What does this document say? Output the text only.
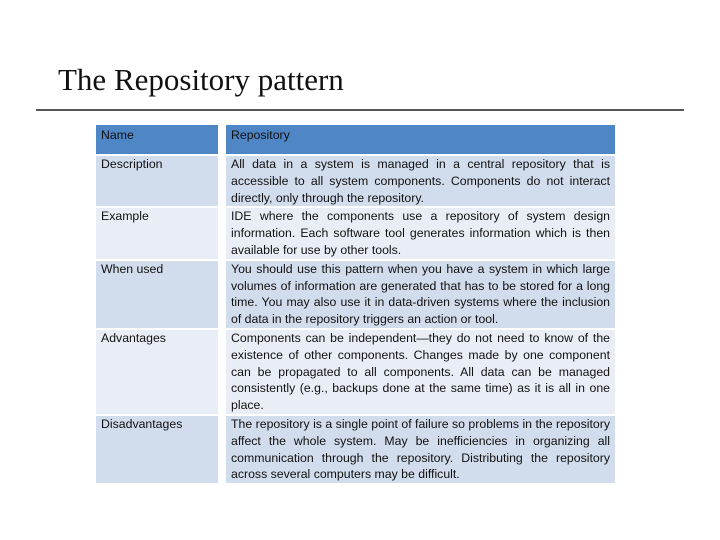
The Repository pattern
Name	Repository
Description	All data in a system is managed in a central repository that is accessible to all system components. Components do not interact directly, only through the repository.
Example	IDE where the components use a repository of system design information. Each software tool generates information which is then available for use by other tools.
When used	You should use this pattern when you have a system in which large volumes of information are generated that has to be stored for a long time. You may also use it in data-driven systems where the inclusion of data in the repository triggers an action or tool.
Advantages	Components can be independent—they do not need to know of the existence of other components. Changes made by one component can be propagated to all components. All data can be managed consistently (e.g., backups done at the same time) as it is all in one place.
Disadvantages	The repository is a single point of failure so problems in the repository affect the whole system. May be inefficiencies in organizing all communication through the repository. Distributing the repository across several computers may be difficult.
